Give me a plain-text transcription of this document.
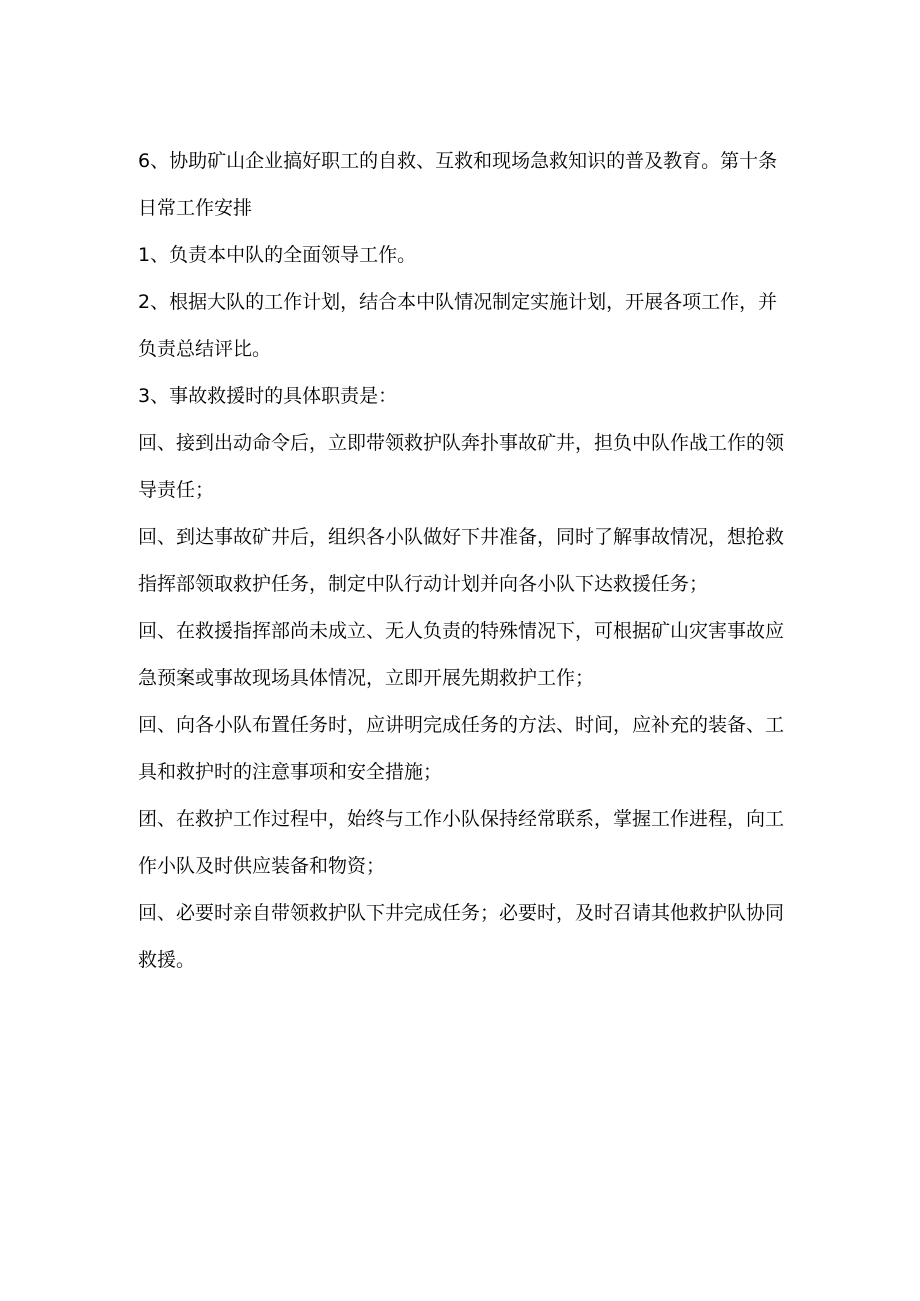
6、协助矿山企业搞好职工的自救、互救和现场急救知识的普及教育。第十条日常工作安排

1、负责本中队的全面领导工作。

2、根据大队的工作计划，结合本中队情况制定实施计划，开展各项工作，并负责总结评比。

3、事故救援时的具体职责是：

回、接到出动命令后，立即带领救护队奔扑事故矿井，担负中队作战工作的领导责任；

回、到达事故矿井后，组织各小队做好下井准备，同时了解事故情况，想抢救指挥部领取救护任务，制定中队行动计划并向各小队下达救援任务；

回、在救援指挥部尚未成立、无人负责的特殊情况下，可根据矿山灾害事故应急预案或事故现场具体情况，立即开展先期救护工作；

回、向各小队布置任务时，应讲明完成任务的方法、时间，应补充的装备、工具和救护时的注意事项和安全措施；

团、在救护工作过程中，始终与工作小队保持经常联系，掌握工作进程，向工作小队及时供应装备和物资；

回、必要时亲自带领救护队下井完成任务；必要时，及时召请其他救护队协同救援。
